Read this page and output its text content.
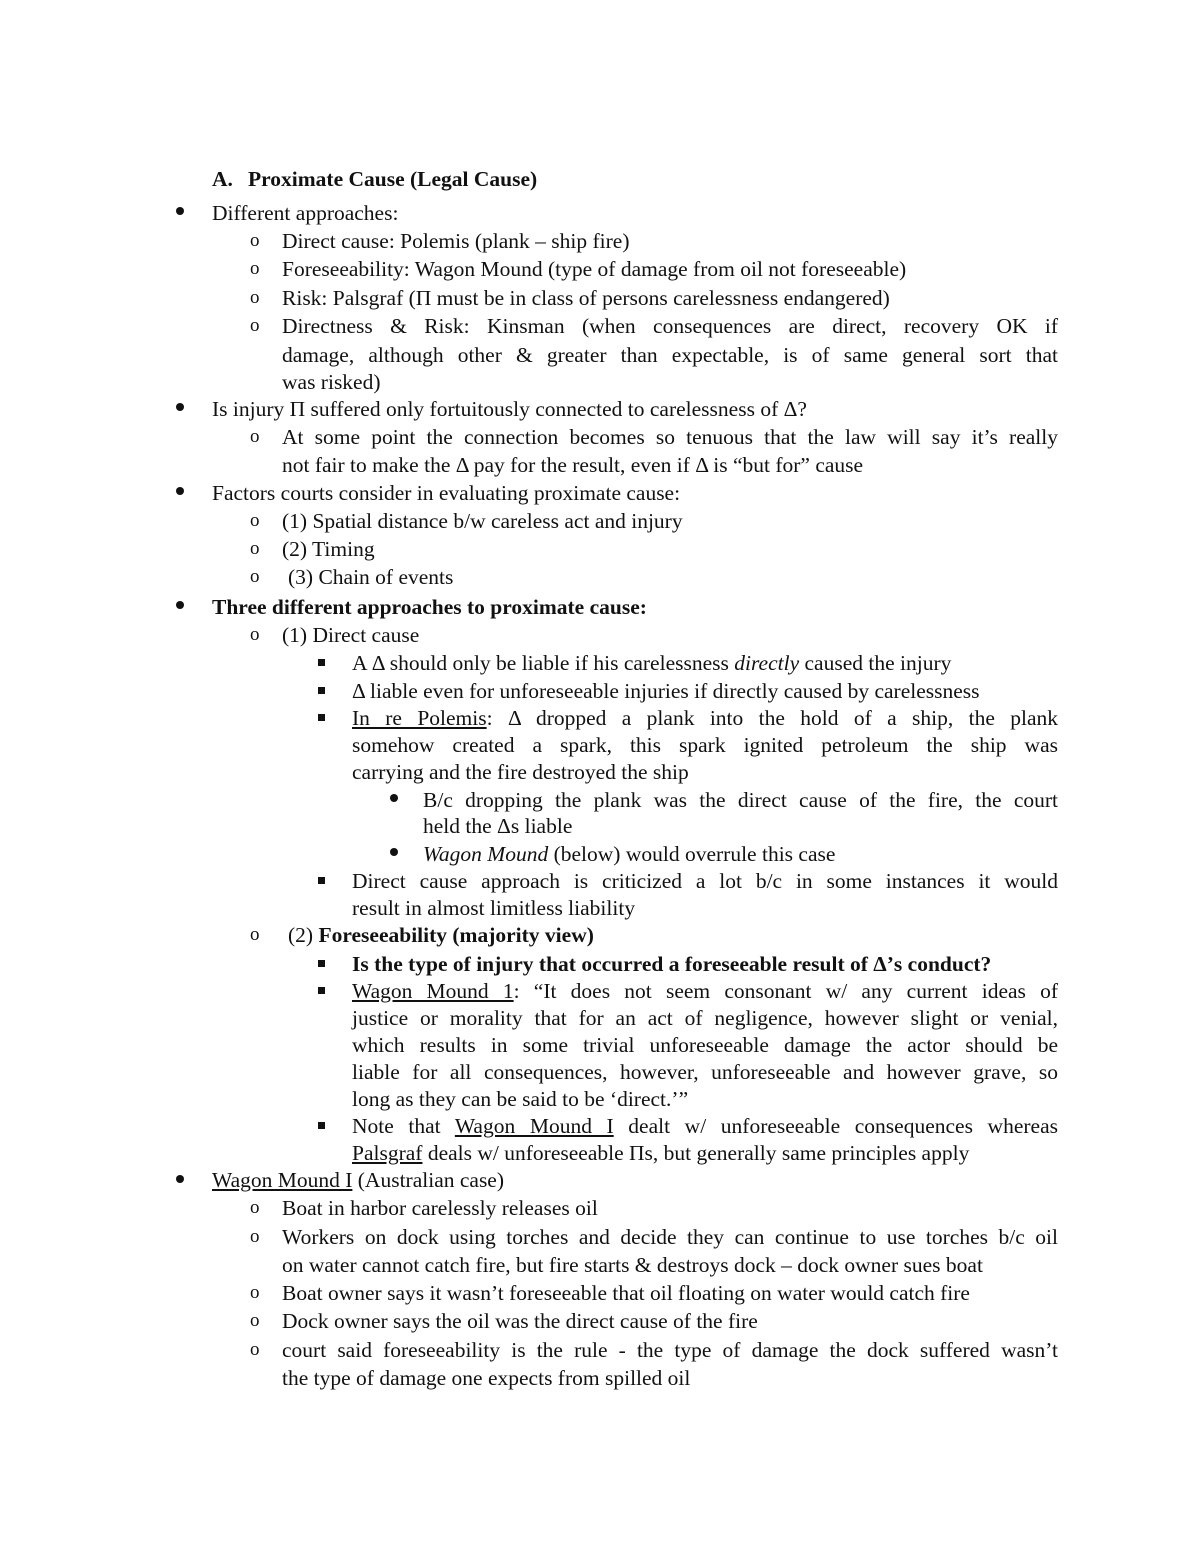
A. Proximate Cause (Legal Cause)
Different approaches:
o Direct cause: Polemis (plank – ship fire)
o Foreseeability: Wagon Mound (type of damage from oil not foreseeable)
o Risk: Palsgraf (Π must be in class of persons carelessness endangered)
o Directness & Risk: Kinsman (when consequences are direct, recovery OK if
damage, although other & greater than expectable, is of same general sort that
was risked)
Is injury Π suffered only fortuitously connected to carelessness of Δ?
o At some point the connection becomes so tenuous that the law will say it’s really
not fair to make the Δ pay for the result, even if Δ is “but for” cause
Factors courts consider in evaluating proximate cause:
o (1) Spatial distance b/w careless act and injury
o (2) Timing
o (3) Chain of events
Three different approaches to proximate cause:
o (1) Direct cause
A Δ should only be liable if his carelessness directly caused the injury
Δ liable even for unforeseeable injuries if directly caused by carelessness
In re Polemis: Δ dropped a plank into the hold of a ship, the plank
somehow created a spark, this spark ignited petroleum the ship was
carrying and the fire destroyed the ship
B/c dropping the plank was the direct cause of the fire, the court
held the Δs liable
Wagon Mound (below) would overrule this case
Direct cause approach is criticized a lot b/c in some instances it would
result in almost limitless liability
o (2) Foreseeability (majority view)
Is the type of injury that occurred a foreseeable result of Δ’s conduct?
Wagon Mound 1: “It does not seem consonant w/ any current ideas of
justice or morality that for an act of negligence, however slight or venial,
which results in some trivial unforeseeable damage the actor should be
liable for all consequences, however, unforeseeable and however grave, so
long as they can be said to be ‘direct.’”
Note that Wagon Mound I dealt w/ unforeseeable consequences whereas
Palsgraf deals w/ unforeseeable Πs, but generally same principles apply
Wagon Mound I (Australian case)
o Boat in harbor carelessly releases oil
o Workers on dock using torches and decide they can continue to use torches b/c oil
on water cannot catch fire, but fire starts & destroys dock – dock owner sues boat
o Boat owner says it wasn’t foreseeable that oil floating on water would catch fire
o Dock owner says the oil was the direct cause of the fire
o court said foreseeability is the rule - the type of damage the dock suffered wasn’t
the type of damage one expects from spilled oil
